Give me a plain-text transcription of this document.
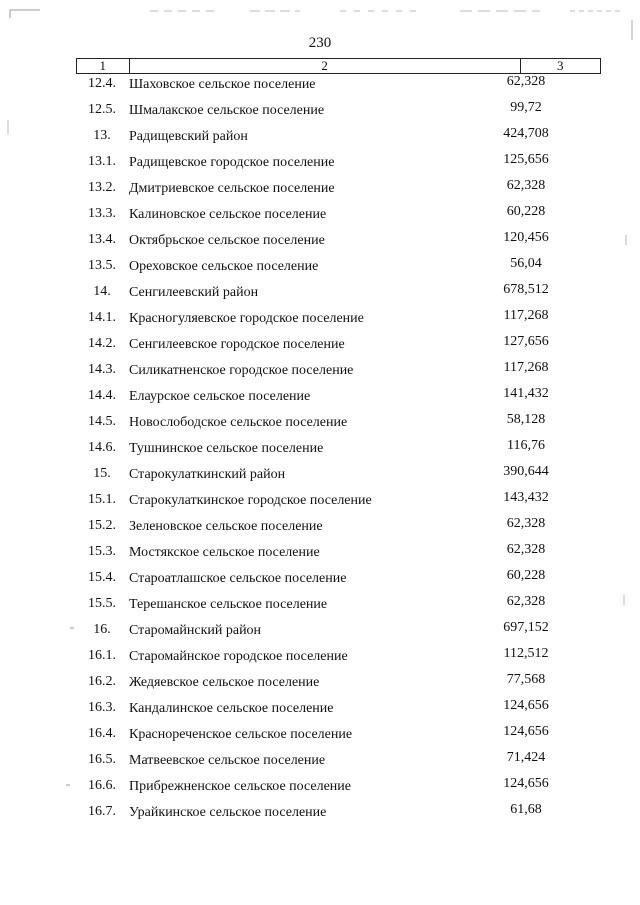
230
1	2	3
12.4. Шаховское сельское поселение	62,328
12.5. Шмалакское сельское поселение	99,72
13.	Радищевский район	424,708
13.1. Радищевское городское поселение	125,656
13.2. Дмитриевское сельское поселение	62,328
13.3. Калиновское сельское поселение	60,228
13.4. Октябрьское сельское поселение	120,456
13.5. Ореховское сельское поселение	56,04
14.	Сенгилеевский район	678,512
14.1. Красногуляевское городское поселение	117,268
14.2. Сенгилеевское городское поселение	127,656
14.3. Силикатненское городское поселение	117,268
14.4. Елаурское сельское поселение	141,432
14.5. Новослободское сельское поселение	58,128
14.6. Тушнинское сельское поселение	116,76
15.	Старокулаткинский район	390,644
15.1. Старокулаткинское городское поселение	143,432
15.2. Зеленовское сельское поселение	62,328
15.3. Мостякское сельское поселение	62,328
15.4. Староатлашское сельское поселение	60,228
15.5. Терешанское сельское поселение	62,328
16.	Старомайнский район	697,152
16.1. Старомайнское городское поселение	112,512
16.2. Жедяевское сельское поселение	77,568
16.3. Кандалинское сельское поселение	124,656
16.4. Краснореченское сельское поселение	124,656
16.5. Матвеевское сельское поселение	71,424
16.6. Прибрежненское сельское поселение	124,656
16.7. Урайкинское сельское поселение	61,68
